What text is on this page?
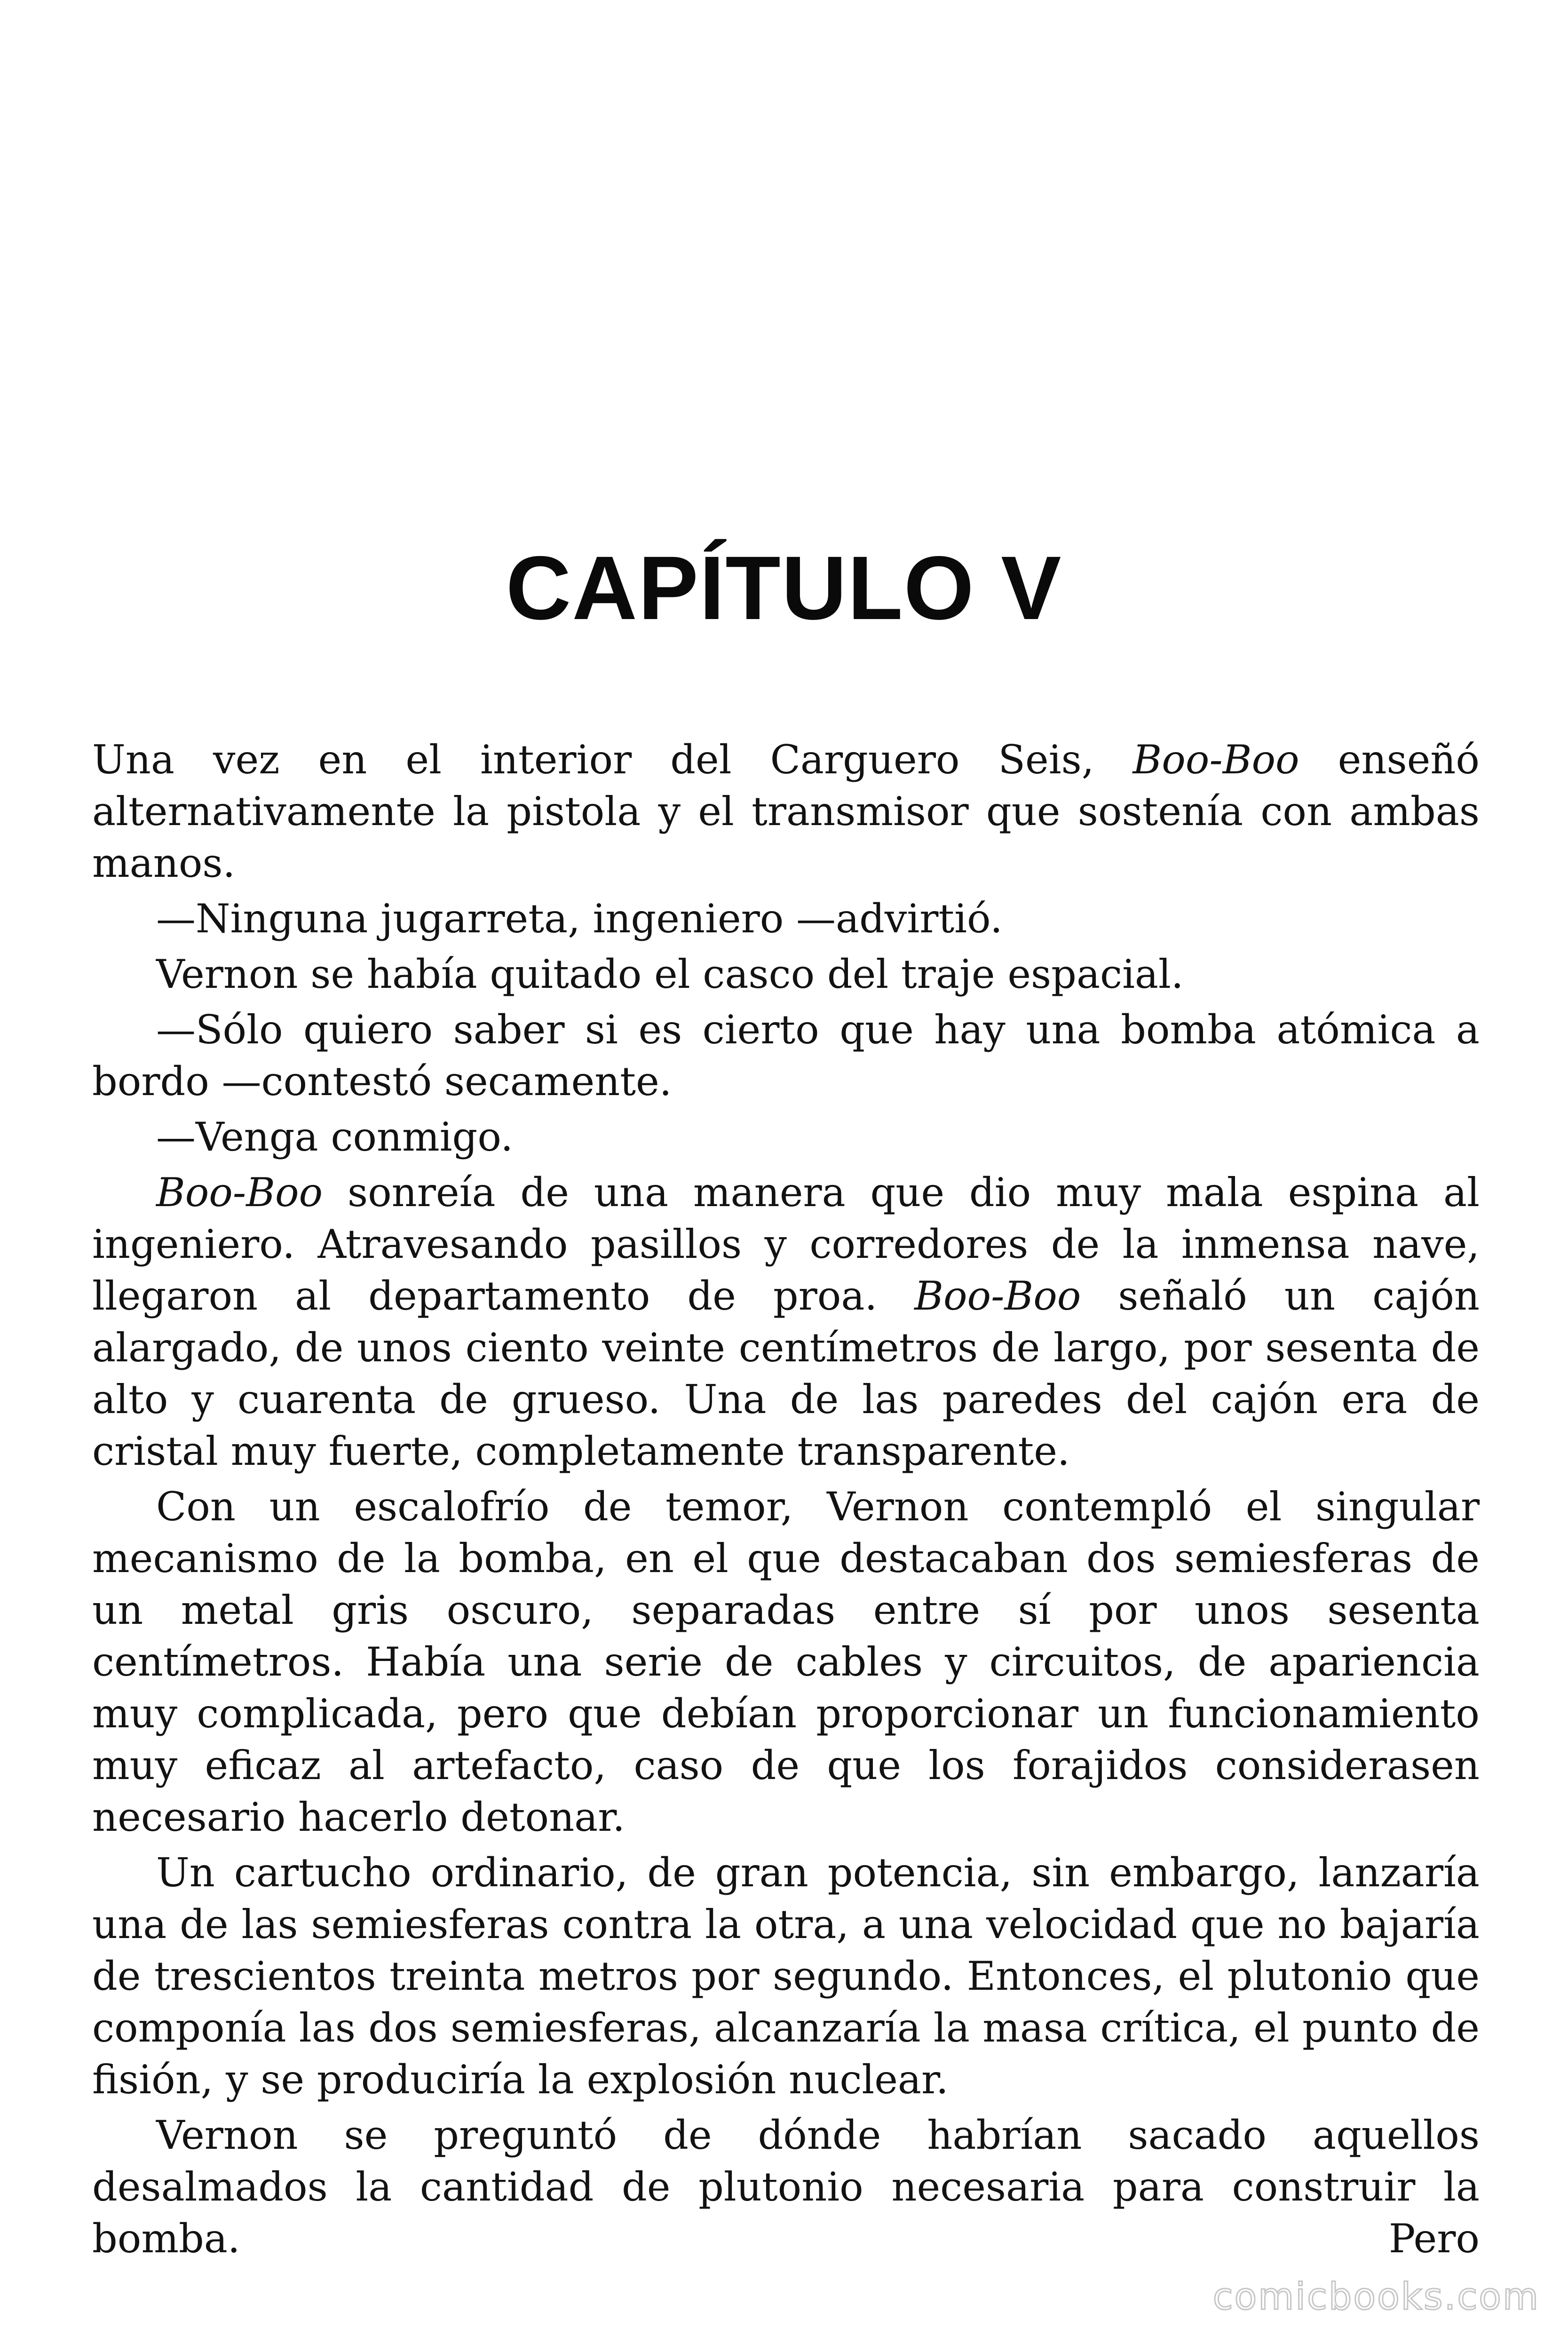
CAPÍTULO V

Una vez en el interior del Carguero Seis, Boo-Boo enseñó alternativamente la pistola y el transmisor que sostenía con ambas manos.

—Ninguna jugarreta, ingeniero —advirtió.

Vernon se había quitado el casco del traje espacial.

—Sólo quiero saber si es cierto que hay una bomba atómica a bordo —contestó secamente.

—Venga conmigo.

Boo-Boo sonreía de una manera que dio muy mala espina al ingeniero. Atravesando pasillos y corredores de la inmensa nave, llegaron al departamento de proa. Boo-Boo señaló un cajón alargado, de unos ciento veinte centímetros de largo, por sesenta de alto y cuarenta de grueso. Una de las paredes del cajón era de cristal muy fuerte, completamente transparente.

Con un escalofrío de temor, Vernon contempló el singular mecanismo de la bomba, en el que destacaban dos semiesferas de un metal gris oscuro, separadas entre sí por unos sesenta centímetros. Había una serie de cables y circuitos, de apariencia muy complicada, pero que debían proporcionar un funcionamiento muy eficaz al artefacto, caso de que los forajidos considerasen necesario hacerlo detonar.

Un cartucho ordinario, de gran potencia, sin embargo, lanzaría una de las semiesferas contra la otra, a una velocidad que no bajaría de trescientos treinta metros por segundo. Entonces, el plutonio que componía las dos semiesferas, alcanzaría la masa crítica, el punto de fisión, y se produciría la explosión nuclear.

Vernon se preguntó de dónde habrían sacado aquellos desalmados la cantidad de plutonio necesaria para construir la bomba. Pero

comicbooks.com
